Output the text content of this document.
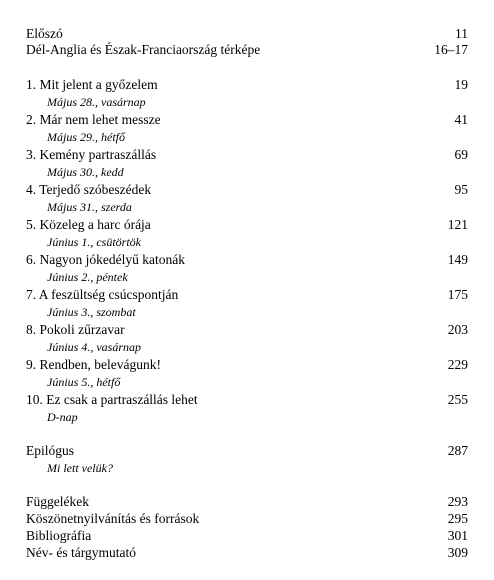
Előszó	11
Dél-Anglia és Észak-Franciaország térképe	16–17
1. Mit jelent a győzelem	19
Május 28., vasárnap
2. Már nem lehet messze	41
Május 29., hétfő
3. Kemény partraszállás	69
Május 30., kedd
4. Terjedő szóbeszédek	95
Május 31., szerda
5. Közeleg a harc órája	121
Június 1., csütörtök
6. Nagyon jókedélyű katonák	149
Június 2., péntek
7. A feszültség csúcspontján	175
Június 3., szombat
8. Pokoli zűrzavar	203
Június 4., vasárnap
9. Rendben, belevágunk!	229
Június 5., hétfő
10. Ez csak a partraszállás lehet	255
D-nap
Epilógus	287
Mi lett velük?
Függelékek	293
Köszönetnyilvánítás és források	295
Bibliográfia	301
Név- és tárgymutató	309
